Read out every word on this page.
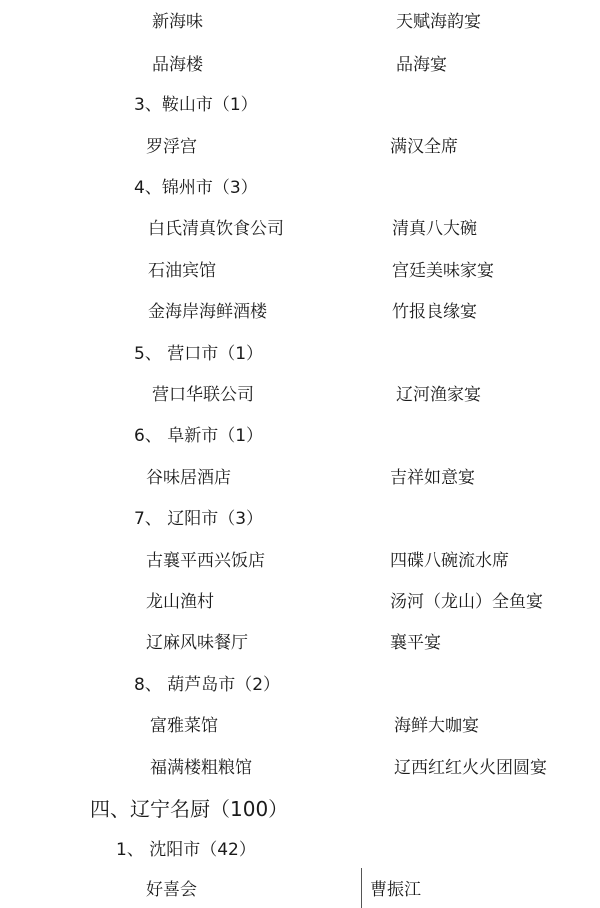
新海味	天赋海韵宴
品海楼	品海宴
3、鞍山市（1）
罗浮宫	满汉全席
4、锦州市（3）
白氏清真饮食公司	清真八大碗
石油宾馆	宫廷美味家宴
金海岸海鲜酒楼	竹报良缘宴
5、 营口市（1）
营口华联公司	辽河渔家宴
6、 阜新市（1）
谷味居酒店	吉祥如意宴
7、 辽阳市（3）
古襄平西兴饭店	四碟八碗流水席
龙山渔村	汤河（龙山）全鱼宴
辽麻风味餐厅	襄平宴
8、 葫芦岛市（2）
富雅菜馆	海鲜大咖宴
福满楼粗粮馆	辽西红红火火团圆宴
四、辽宁名厨（100）
1、 沈阳市（42）
好喜会	曹振江
